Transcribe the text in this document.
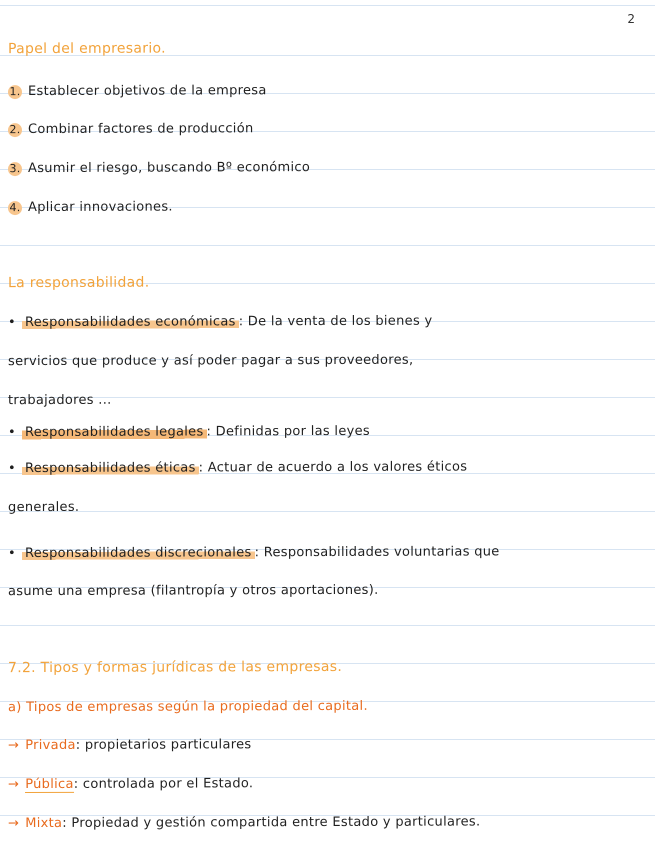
2
Papel del empresario.
1. Establecer objetivos de la empresa
2. Combinar factores de producción
3. Asumir el riesgo, buscando Bº económico
4. Aplicar innovaciones.
La responsabilidad.
• Responsabilidades económicas : De la venta de los bienes y
servicios que produce y así poder pagar a sus proveedores,
trabajadores ...
• Responsabilidades legales : Definidas por las leyes
• Responsabilidades éticas : Actuar de acuerdo a los valores éticos
generales.
• Responsabilidades discrecionales : Responsabilidades voluntarias que
asume una empresa (filantropía y otros aportaciones).
7.2. Tipos y formas jurídicas de las empresas.
a) Tipos de empresas según la propiedad del capital.
→ Privada: propietarios particulares
→ Pública: controlada por el Estado.
→ Mixta: Propiedad y gestión compartida entre Estado y particulares.
